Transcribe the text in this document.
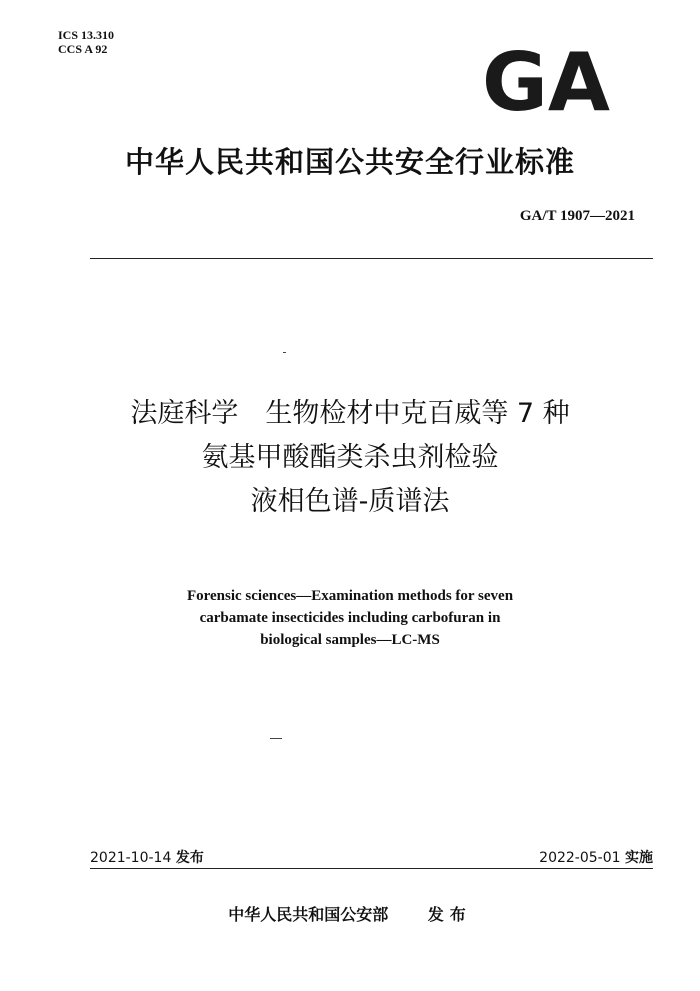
ICS 13.310
CCS A 92	GA
中华人民共和国公共安全行业标准
GA/T 1907—2021
法庭科学　生物检材中克百威等 7 种
氨基甲酸酯类杀虫剂检验
液相色谱-质谱法
Forensic sciences—Examination methods for seven
carbamate insecticides including carbofuran in
biological samples—LC-MS
2021-10-14 发布	2022-05-01 实施
中华人民共和国公安部 发布
